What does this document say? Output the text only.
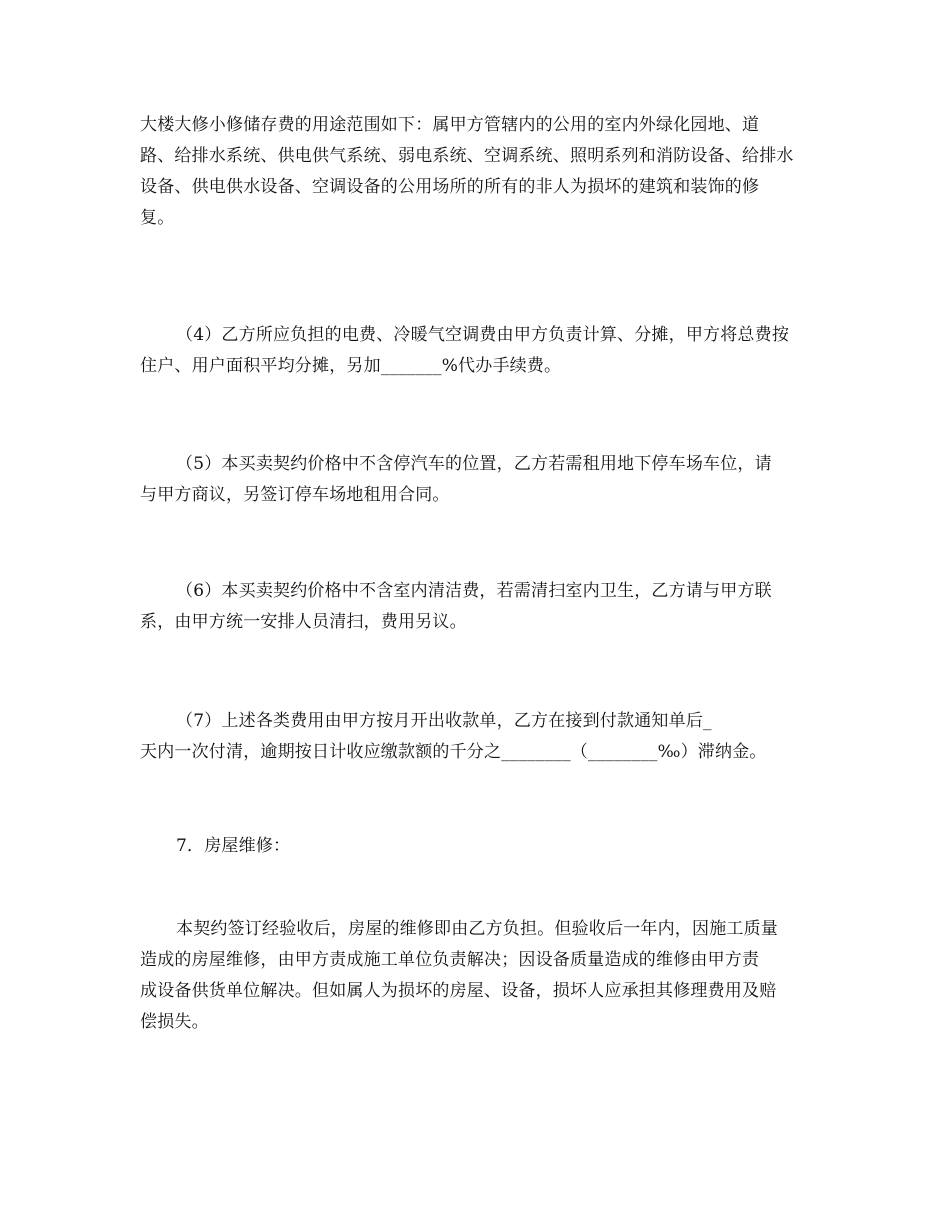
大楼大修小修储存费的用途范围如下：属甲方管辖内的公用的室内外绿化园地、道
路、给排水系统、供电供气系统、弱电系统、空调系统、照明系列和消防设备、给排水
设备、供电供水设备、空调设备的公用场所的所有的非人为损坏的建筑和装饰的修
复。
（4）乙方所应负担的电费、冷暖气空调费由甲方负责计算、分摊，甲方将总费按
住户、用户面积平均分摊，另加_______%代办手续费。
（5）本买卖契约价格中不含停汽车的位置，乙方若需租用地下停车场车位，请
与甲方商议，另签订停车场地租用合同。
（6）本买卖契约价格中不含室内清洁费，若需清扫室内卫生，乙方请与甲方联
系，由甲方统一安排人员清扫，费用另议。
（7）上述各类费用由甲方按月开出收款单，乙方在接到付款通知单后_
天内一次付清，逾期按日计收应缴款额的千分之________（________‰）滞纳金。
7．房屋维修：
本契约签订经验收后，房屋的维修即由乙方负担。但验收后一年内，因施工质量
造成的房屋维修，由甲方责成施工单位负责解决；因设备质量造成的维修由甲方责
成设备供货单位解决。但如属人为损坏的房屋、设备，损坏人应承担其修理费用及赔
偿损失。
